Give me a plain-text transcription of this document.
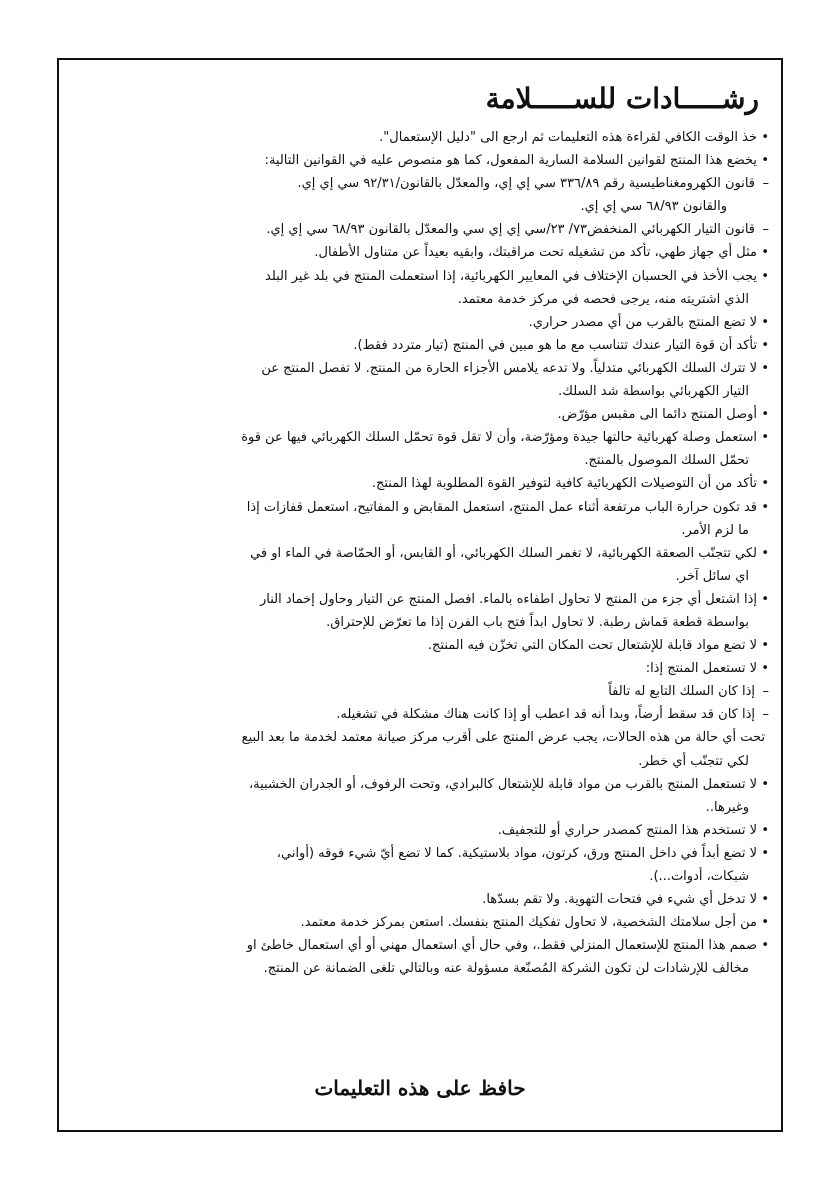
رشـــــادات للســـــلامة
• خذ الوقت الكافي لقراءة هذه التعليمات ثم ارجع الى "دليل الإستعمال".
• يخضع هذا المنتج لقوانين السلامة السارية المفعول، كما هو منصوص عليه في القوانين التالية:
– قانون الكهرومغناطيسية رقم ٣٣٦/٨٩ سي إي إي، والمعدّل بالقانون/٩٢/٣١ سي إي إي.
والقانون ٦٨/٩٣ سي إي إي.
– قانون التيار الكهربائي المنخفض٧٣/ ٢٣/سي إي إي سي والمعدّل بالقانون ٦٨/٩٣ سي إي إي.
• مثل أي جهاز طهي، تأكد من تشغيله تحت مراقبتك، وابقيه بعيداً عن متناول الأطفال.
• يجب الأخذ في الحسبان الإختلاف في المعايير الكهربائية، إذا استعملت المنتج في بلد غير البلد
الذي اشتريته منه، يرجى فحصه في مركز خدمة معتمد.
• لا تضع المنتج بالقرب من أي مصدر حراري.
• تأكد أن قوة التيار عندك تتناسب مع ما هو مبين في المنتج (تيار متردد فقط).
• لا تترك السلك الكهربائي متدلياً. ولا تدعه يلامس الأجزاء الحارة من المنتج. لا تفصل المنتج عن
التيار الكهربائي بواسطة شد السلك.
• أوصل المنتج دائما الى مقبس مؤرّض.
• استعمل وصلة كهربائية حالتها جيدة ومؤرّضة، وأن لا تقل قوة تحمّل السلك الكهربائي فيها عن قوة
تحمّل السلك الموصول بالمنتج.
• تأكد من أن التوصيلات الكهربائية كافية لتوفير القوة المطلوبة لهذا المنتج.
• قد تكون حرارة الباب مرتفعة أثناء عمل المنتج، استعمل المقابض و المفاتيح، استعمل قفازات إذا
ما لزم الأمر.
• لكي تتجنّب الصعقة الكهربائية، لا تغمر السلك الكهربائي، أو القابس، أو الحمّاصة في الماء او في
اي سائل آخر.
• إذا اشتعل أي جزء من المنتج لا تحاول اطفاءه بالماء. افصل المنتج عن التيار وحاول إخماد النار
بواسطة قطعة قماش رطبة. لا تحاول ابداً فتح باب الفرن إذا ما تعرّض للإحتراق.
• لا تضع مواد قابلة للإشتعال تحت المكان التي تخزّن فيه المنتج.
• لا تستعمل المنتج إذا:
– إذا كان السلك التابع له تالفاً
– إذا كان قد سقط أرضاً، وبدا أنه قد اعطب أو إذا كانت هناك مشكلة في تشغيله.
تحت أي حالة من هذه الحالات، يجب عرض المنتج على أقرب مركز صيانة معتمد لخدمة ما بعد البيع
لكي تتجنّب أي خطر.
• لا تستعمل المنتج بالقرب من مواد قابلة للإشتعال كالبرادي، وتحت الرفوف، أو الجدران الخشبية،
وغيرها..
• لا تستخدم هذا المنتج كمصدر حراري أو للتجفيف.
• لا تضع أبداً في داخل المنتج ورق، كرتون، مواد بلاستيكية. كما لا تضع أيّ شيء فوقه (أواني،
شبكات، أدوات...).
• لا تدخل أي شيء في فتحات التهوية. ولا تقم بسدّها.
• من أجل سلامتك الشخصية، لا تحاول تفكيك المنتج بنفسك. استعن بمركز خدمة معتمد.
• صمم هذا المنتج للإستعمال المنزلي فقط.، وفي حال أي استعمال مهني أو أي استعمال خاطئ او
مخالف للإرشادات لن تكون الشركة المُصنّعة مسؤولة عنه وبالتالي تلغى الضمانة عن المنتج.

حافظ على هذه التعليمات
